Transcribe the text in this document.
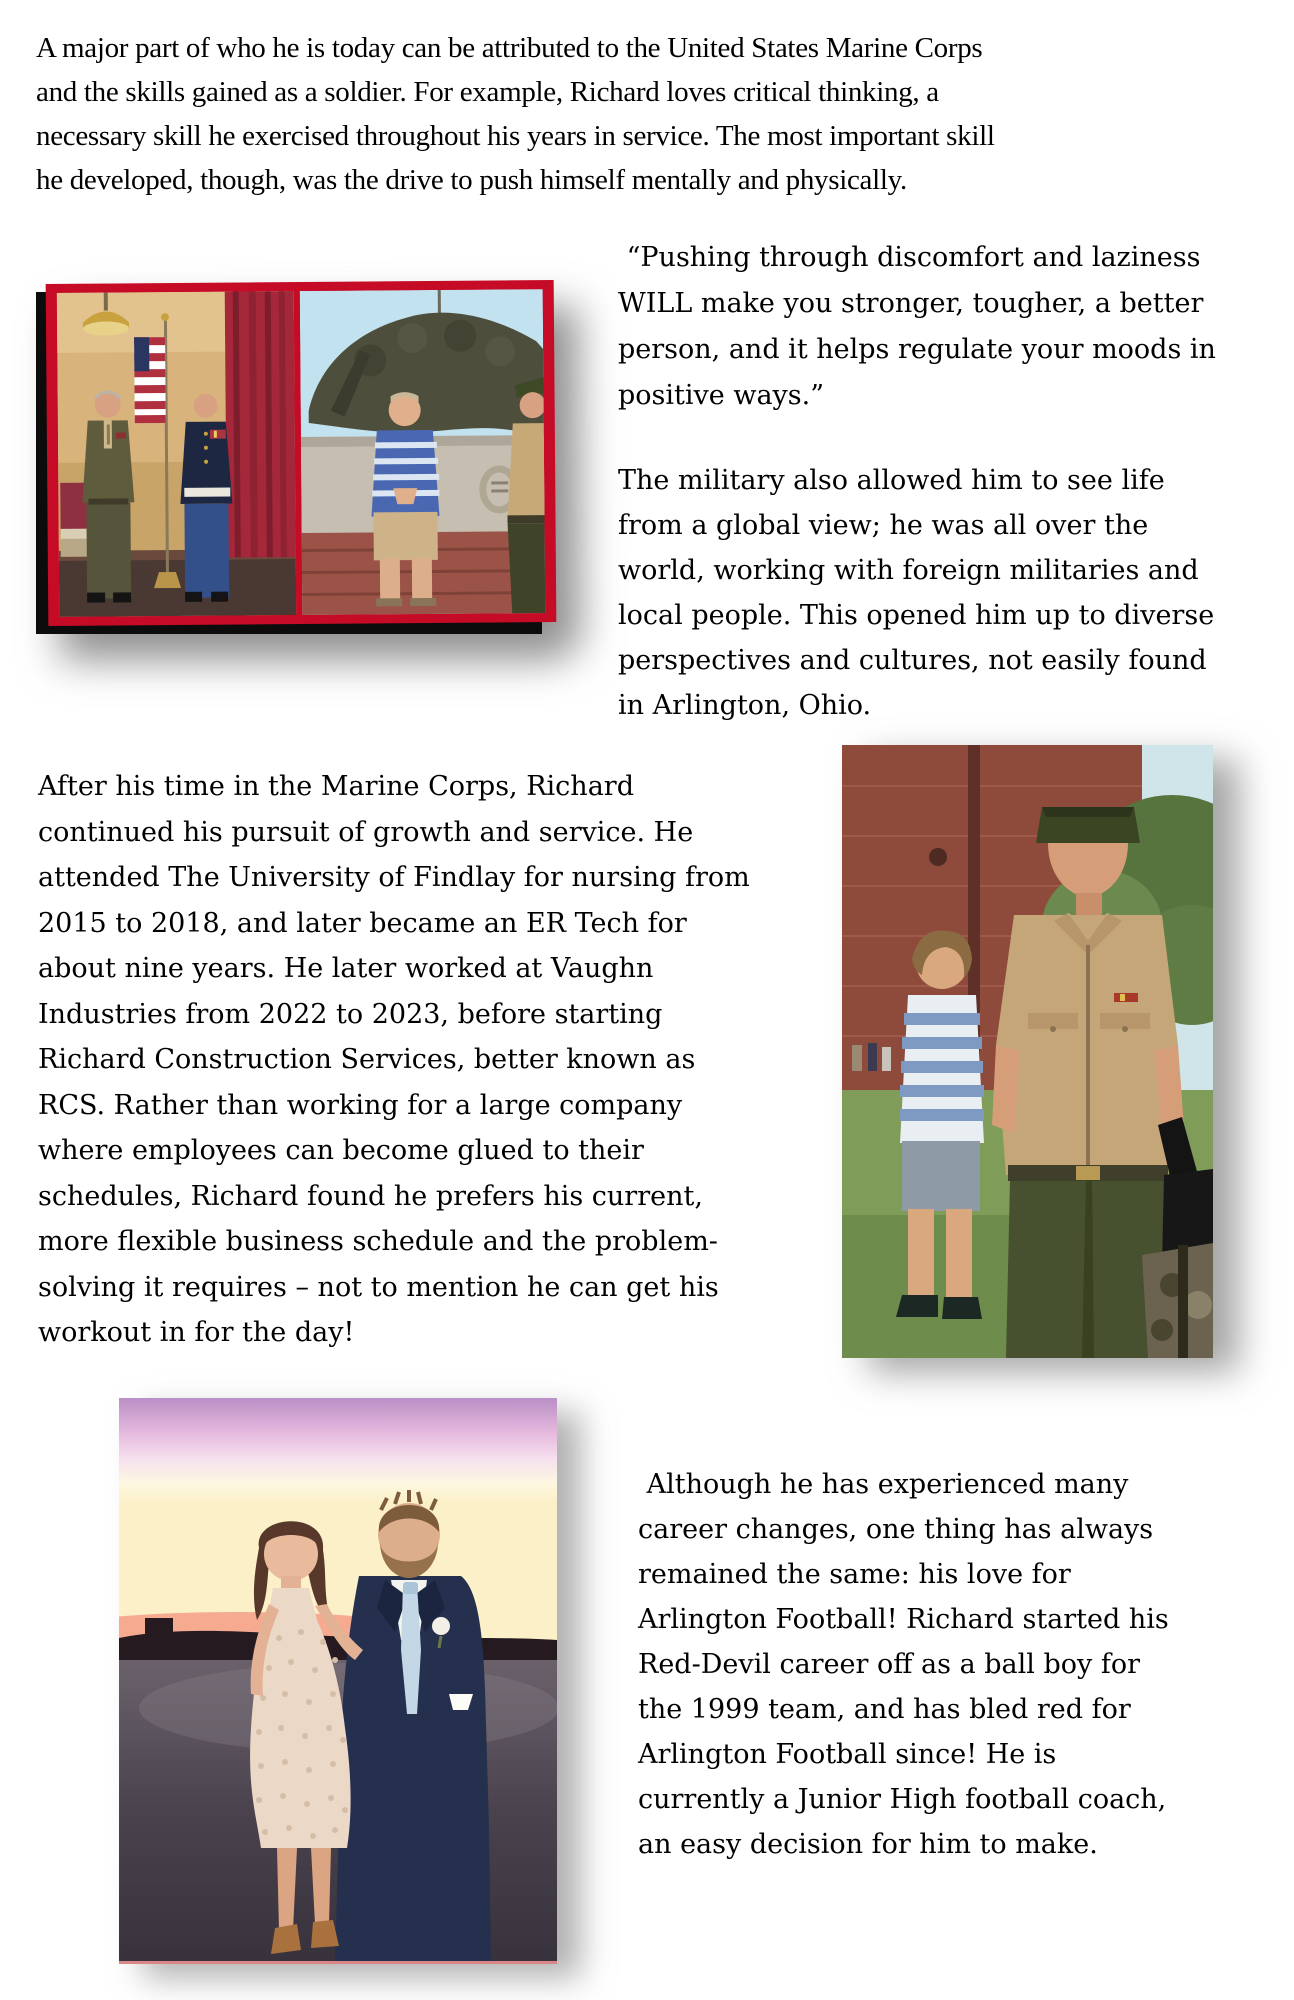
A major part of who he is today can be attributed to the United States Marine Corps
and the skills gained as a soldier. For example, Richard loves critical thinking, a
necessary skill he exercised throughout his years in service. The most important skill
he developed, though, was the drive to push himself mentally and physically.
“Pushing through discomfort and laziness
WILL make you stronger, tougher, a better
person, and it helps regulate your moods in
positive ways.”
The military also allowed him to see life
from a global view; he was all over the
world, working with foreign militaries and
local people. This opened him up to diverse
perspectives and cultures, not easily found
in Arlington, Ohio.
After his time in the Marine Corps, Richard
continued his pursuit of growth and service. He
attended The University of Findlay for nursing from
2015 to 2018, and later became an ER Tech for
about nine years. He later worked at Vaughn
Industries from 2022 to 2023, before starting
Richard Construction Services, better known as
RCS. Rather than working for a large company
where employees can become glued to their
schedules, Richard found he prefers his current,
more flexible business schedule and the problem-
solving it requires – not to mention he can get his
workout in for the day!
Although he has experienced many
career changes, one thing has always
remained the same: his love for
Arlington Football! Richard started his
Red-Devil career off as a ball boy for
the 1999 team, and has bled red for
Arlington Football since! He is
currently a Junior High football coach,
an easy decision for him to make.
